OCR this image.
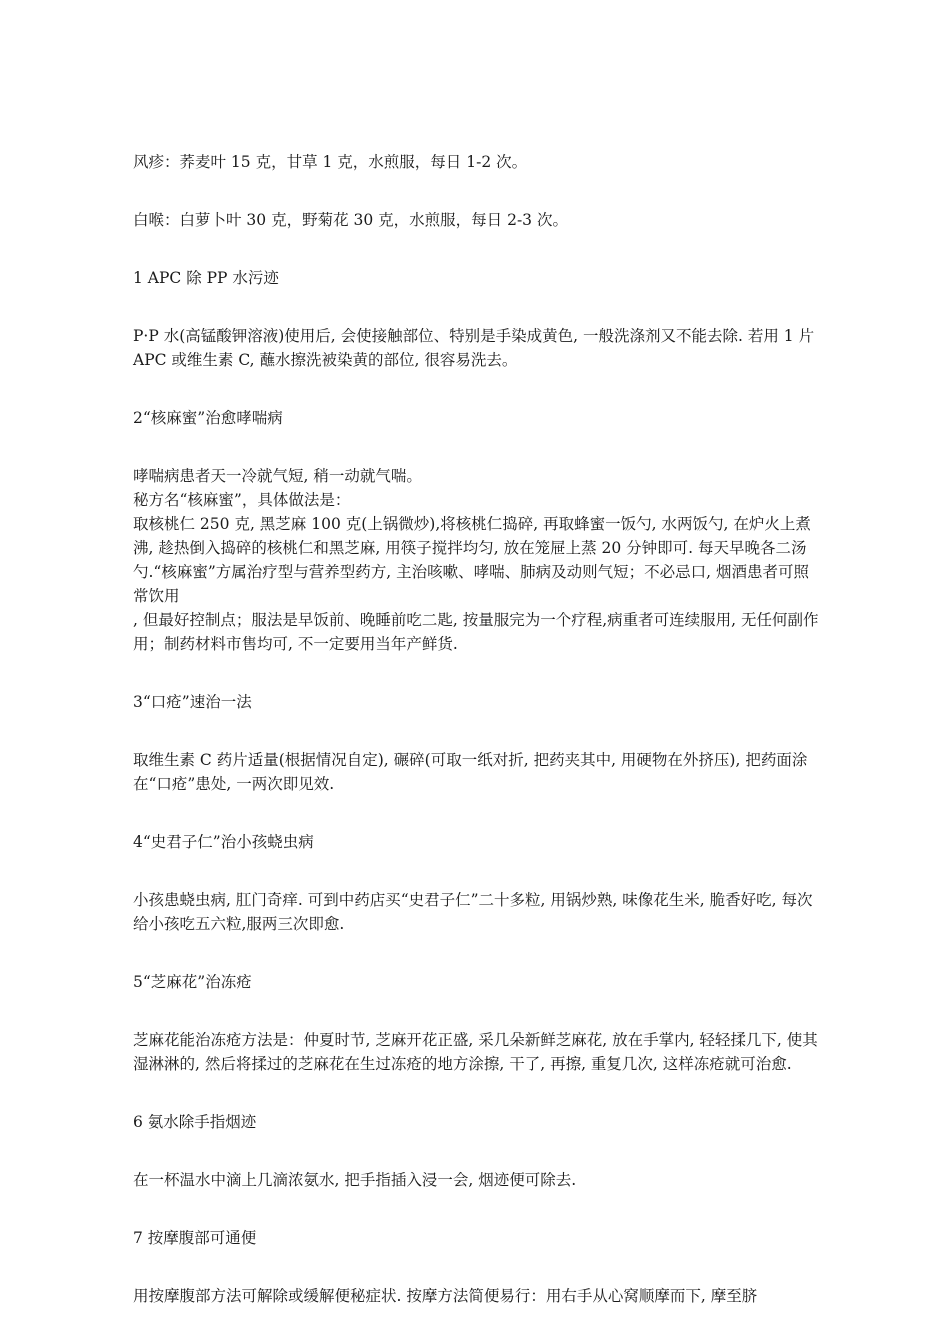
风疹：荞麦叶 15 克，甘草 1 克，水煎服，每日 1-2 次。

白喉：白萝卜叶 30 克，野菊花 30 克，水煎服，每日 2-3 次。

1 APC 除 PP 水污迹

P·P 水(高锰酸钾溶液)使用后, 会使接触部位、特别是手染成黄色, 一般洗涤剂又不能去除. 若用 1 片 APC 或维生素 C, 蘸水擦洗被染黄的部位, 很容易洗去。

2“核麻蜜”治愈哮喘病

哮喘病患者天一冷就气短, 稍一动就气喘。

秘方名“核麻蜜”，具体做法是：

取核桃仁 250 克, 黑芝麻 100 克(上锅微炒),将核桃仁捣碎, 再取蜂蜜一饭勺, 水两饭勺, 在炉火上煮沸, 趁热倒入捣碎的核桃仁和黑芝麻, 用筷子搅拌均匀, 放在笼屉上蒸 20 分钟即可. 每天早晚各二汤勺.“核麻蜜”方属治疗型与营养型药方, 主治咳嗽、哮喘、肺病及动则气短；不必忌口, 烟酒患者可照常饮用

, 但最好控制点；服法是早饭前、晚睡前吃二匙, 按量服完为一个疗程,病重者可连续服用, 无任何副作用；制药材料市售均可, 不一定要用当年产鲜货.

3“口疮”速治一法

取维生素 C 药片适量(根据情况自定), 碾碎(可取一纸对折, 把药夹其中, 用硬物在外挤压), 把药面涂在“口疮”患处, 一两次即见效.

4“史君子仁”治小孩蛲虫病

小孩患蛲虫病, 肛门奇痒. 可到中药店买“史君子仁”二十多粒, 用锅炒熟, 味像花生米, 脆香好吃, 每次给小孩吃五六粒,服两三次即愈.

5“芝麻花”治冻疮

芝麻花能治冻疮方法是：仲夏时节, 芝麻开花正盛, 采几朵新鲜芝麻花, 放在手掌内, 轻轻揉几下, 使其湿淋淋的, 然后将揉过的芝麻花在生过冻疮的地方涂擦, 干了, 再擦, 重复几次, 这样冻疮就可治愈.

6 氨水除手指烟迹

在一杯温水中滴上几滴浓氨水, 把手指插入浸一会, 烟迹便可除去.

7 按摩腹部可通便

用按摩腹部方法可解除或缓解便秘症状. 按摩方法简便易行：用右手从心窝顺摩而下, 摩至脐
